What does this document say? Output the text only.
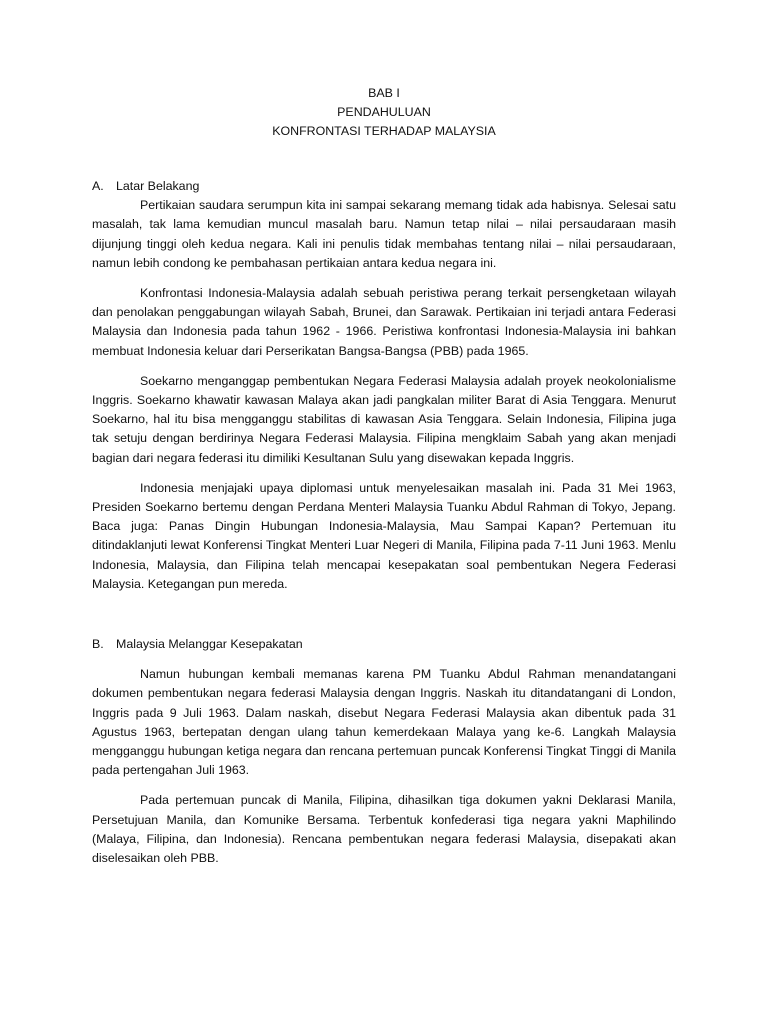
BAB I
PENDAHULUAN
KONFRONTASI TERHADAP MALAYSIA
A. Latar Belakang

Pertikaian saudara serumpun kita ini sampai sekarang memang tidak ada habisnya. Selesai satu masalah, tak lama kemudian muncul masalah baru. Namun tetap nilai – nilai persaudaraan masih dijunjung tinggi oleh kedua negara. Kali ini penulis tidak membahas tentang nilai – nilai persaudaraan, namun lebih condong ke pembahasan pertikaian antara kedua negara ini.

Konfrontasi Indonesia-Malaysia adalah sebuah peristiwa perang terkait persengketaan wilayah dan penolakan penggabungan wilayah Sabah, Brunei, dan Sarawak. Pertikaian ini terjadi antara Federasi Malaysia dan Indonesia pada tahun 1962 - 1966. Peristiwa konfrontasi Indonesia-Malaysia ini bahkan membuat Indonesia keluar dari Perserikatan Bangsa-Bangsa (PBB) pada 1965.

Soekarno menganggap pembentukan Negara Federasi Malaysia adalah proyek neokolonialisme Inggris. Soekarno khawatir kawasan Malaya akan jadi pangkalan militer Barat di Asia Tenggara. Menurut Soekarno, hal itu bisa mengganggu stabilitas di kawasan Asia Tenggara. Selain Indonesia, Filipina juga tak setuju dengan berdirinya Negara Federasi Malaysia. Filipina mengklaim Sabah yang akan menjadi bagian dari negara federasi itu dimiliki Kesultanan Sulu yang disewakan kepada Inggris.

Indonesia menjajaki upaya diplomasi untuk menyelesaikan masalah ini. Pada 31 Mei 1963, Presiden Soekarno bertemu dengan Perdana Menteri Malaysia Tuanku Abdul Rahman di Tokyo, Jepang. Baca juga: Panas Dingin Hubungan Indonesia-Malaysia, Mau Sampai Kapan? Pertemuan itu ditindaklanjuti lewat Konferensi Tingkat Menteri Luar Negeri di Manila, Filipina pada 7-11 Juni 1963. Menlu Indonesia, Malaysia, dan Filipina telah mencapai kesepakatan soal pembentukan Negera Federasi Malaysia. Ketegangan pun mereda.

B. Malaysia Melanggar Kesepakatan

Namun hubungan kembali memanas karena PM Tuanku Abdul Rahman menandatangani dokumen pembentukan negara federasi Malaysia dengan Inggris. Naskah itu ditandatangani di London, Inggris pada 9 Juli 1963. Dalam naskah, disebut Negara Federasi Malaysia akan dibentuk pada 31 Agustus 1963, bertepatan dengan ulang tahun kemerdekaan Malaya yang ke-6. Langkah Malaysia mengganggu hubungan ketiga negara dan rencana pertemuan puncak Konferensi Tingkat Tinggi di Manila pada pertengahan Juli 1963.

Pada pertemuan puncak di Manila, Filipina, dihasilkan tiga dokumen yakni Deklarasi Manila, Persetujuan Manila, dan Komunike Bersama. Terbentuk konfederasi tiga negara yakni Maphilindo (Malaya, Filipina, dan Indonesia). Rencana pembentukan negara federasi Malaysia, disepakati akan diselesaikan oleh PBB.
